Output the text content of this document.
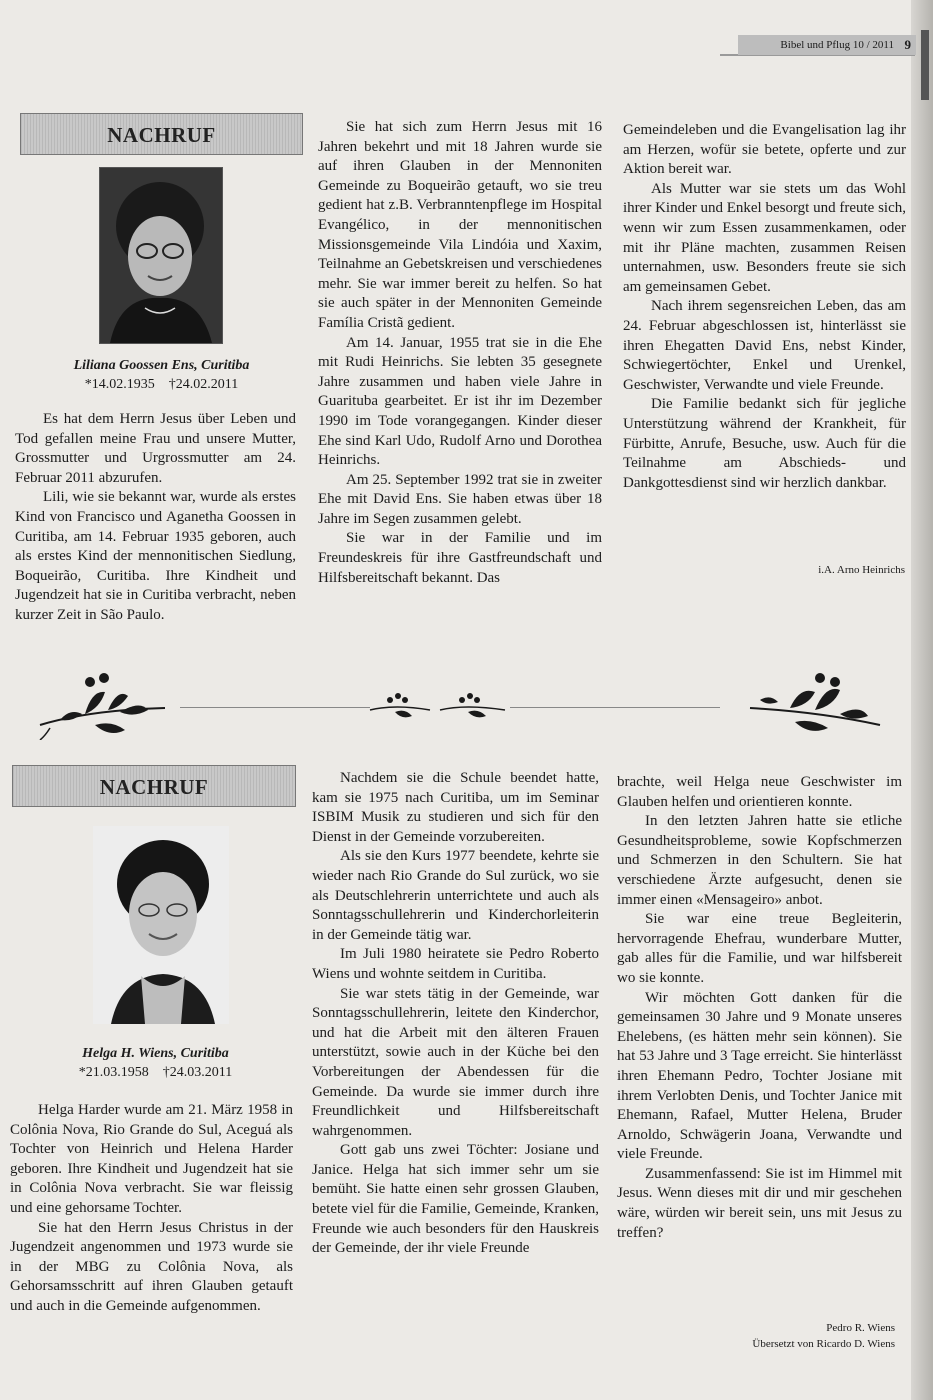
Bibel und Pflug 10 / 2011 9
NACHRUF
Liliana Goossen Ens, Curitiba
*14.02.1935    †24.02.2011

Es hat dem Herrn Jesus über Leben und Tod gefallen meine Frau und unsere Mutter, Grossmutter und Urgrossmutter am 24. Februar 2011 abzurufen.

Lili, wie sie bekannt war, wurde als erstes Kind von Francisco und Aganetha Goossen in Curitiba, am 14. Februar 1935 geboren, auch als erstes Kind der mennonitischen Siedlung, Boqueirão, Curitiba. Ihre Kindheit und Jugendzeit hat sie in Curitiba verbracht, neben kurzer Zeit in São Paulo.

Sie hat sich zum Herrn Jesus mit 16 Jahren bekehrt und mit 18 Jahren wurde sie auf ihren Glauben in der Mennoniten Gemeinde zu Boqueirão getauft, wo sie treu gedient hat z.B. Verbranntenpflege im Hospital Evangélico, in der mennonitischen Missionsgemeinde Vila Lindóia und Xaxim, Teilnahme an Gebetskreisen und verschiedenes mehr. Sie war immer bereit zu helfen. So hat sie auch später in der Mennoniten Gemeinde Família Cristã gedient.

Am 14. Januar, 1955 trat sie in die Ehe mit Rudi Heinrichs. Sie lebten 35 gesegnete Jahre zusammen und haben viele Jahre in Guarituba gearbeitet. Er ist ihr im Dezember 1990 im Tode vorangegangen. Kinder dieser Ehe sind Karl Udo, Rudolf Arno und Dorothea Heinrichs.

Am 25. September 1992 trat sie in zweiter Ehe mit David Ens. Sie haben etwas über 18 Jahre im Segen zusammen gelebt.

Sie war in der Familie und im Freundeskreis für ihre Gastfreundschaft und Hilfsbereitschaft bekannt. Das

Gemeindeleben und die Evangelisation lag ihr am Herzen, wofür sie betete, opferte und zur Aktion bereit war.

Als Mutter war sie stets um das Wohl ihrer Kinder und Enkel besorgt und freute sich, wenn wir zum Essen zusammenkamen, oder mit ihr Pläne machten, zusammen Reisen unternahmen, usw. Besonders freute sie sich am gemeinsamen Gebet.

Nach ihrem segensreichen Leben, das am 24. Februar abgeschlossen ist, hinterlässt sie ihren Ehegatten David Ens, nebst Kinder, Schwiegertöchter, Enkel und Urenkel, Geschwister, Verwandte und viele Freunde.

Die Familie bedankt sich für jegliche Unterstützung während der Krankheit, für Fürbitte, Anrufe, Besuche, usw. Auch für die Teilnahme am Abschieds- und Dankgottesdienst sind wir herzlich dankbar.

i.A. Arno Heinrichs
NACHRUF
Helga H. Wiens, Curitiba
*21.03.1958    †24.03.2011

Helga Harder wurde am 21. März 1958 in Colônia Nova, Rio Grande do Sul, Aceguá als Tochter von Heinrich und Helena Harder geboren. Ihre Kindheit und Jugendzeit hat sie in Colônia Nova verbracht. Sie war fleissig und eine gehorsame Tochter.

Sie hat den Herrn Jesus Christus in der Jugendzeit angenommen und 1973 wurde sie in der MBG zu Colônia Nova, als Gehorsamsschritt auf ihren Glauben getauft und auch in die Gemeinde aufgenommen.

Nachdem sie die Schule beendet hatte, kam sie 1975 nach Curitiba, um im Seminar ISBIM Musik zu studieren und sich für den Dienst in der Gemeinde vorzubereiten.

Als sie den Kurs 1977 beendete, kehrte sie wieder nach Rio Grande do Sul zurück, wo sie als Deutschlehrerin unterrichtete und auch als Sonntagsschullehrerin und Kinderchorleiterin in der Gemeinde tätig war.

Im Juli 1980 heiratete sie Pedro Roberto Wiens und wohnte seitdem in Curitiba.

Sie war stets tätig in der Gemeinde, war Sonntagsschullehrerin, leitete den Kinderchor, und hat die Arbeit mit den älteren Frauen unterstützt, sowie auch in der Küche bei den Vorbereitungen der Abendessen für die Gemeinde. Da wurde sie immer durch ihre Freundlichkeit und Hilfsbereitschaft wahrgenommen.

Gott gab uns zwei Töchter: Josiane und Janice. Helga hat sich immer sehr um sie bemüht. Sie hatte einen sehr grossen Glauben, betete viel für die Familie, Gemeinde, Kranken, Freunde wie auch besonders für den Hauskreis der Gemeinde, der ihr viele Freunde

brachte, weil Helga neue Geschwister im Glauben helfen und orientieren konnte.

In den letzten Jahren hatte sie etliche Gesundheitsprobleme, sowie Kopfschmerzen und Schmerzen in den Schultern. Sie hat verschiedene Ärzte aufgesucht, denen sie immer einen «Mensageiro» anbot.

Sie war eine treue Begleiterin, hervorragende Ehefrau, wunderbare Mutter, gab alles für die Familie, und war hilfsbereit wo sie konnte.

Wir möchten Gott danken für die gemeinsamen 30 Jahre und 9 Monate unseres Ehelebens, (es hätten mehr sein können). Sie hat 53 Jahre und 3 Tage erreicht. Sie hinterlässt ihren Ehemann Pedro, Tochter Josiane mit ihrem Verlobten Denis, und Tochter Janice mit Ehemann, Rafael, Mutter Helena, Bruder Arnoldo, Schwägerin Joana, Verwandte und viele Freunde.

Zusammenfassend: Sie ist im Himmel mit Jesus. Wenn dieses mit dir und mir geschehen wäre, würden wir bereit sein, uns mit Jesus zu treffen?

Pedro R. Wiens
Übersetzt von Ricardo D. Wiens
